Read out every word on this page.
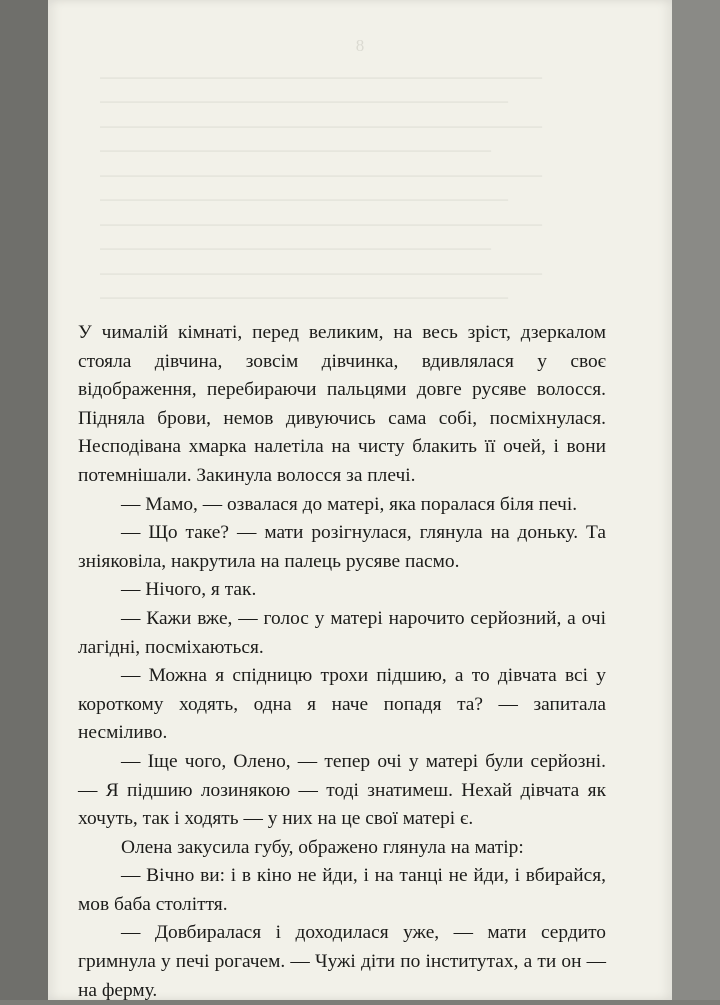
8
——————————————————————————
————————————————————————
——————————————————————————
———————————————————————
——————————————————————————
————————————————————————
——————————————————————————
———————————————————————
——————————————————————————
————————————————————————

У чималій кімнаті, перед великим, на весь зріст, дзеркалом стояла дівчина, зовсім дівчинка, вдивлялася у своє відображення, перебираючи пальцями довге русяве волосся. Підняла брови, немов дивуючись сама собі, посміхнулася. Несподівана хмарка налетіла на чисту блакить її очей, і вони потемнішали. Закинула волосся за плечі.

— Мамо, — озвалася до матері, яка поралася біля печі.

— Що таке? — мати розігнулася, глянула на доньку. Та зніяковіла, накрутила на палець русяве пасмо.

— Нічого, я так.

— Кажи вже, — голос у матері нарочито серйозний, а очі лагідні, посміхаються.

— Можна я спідницю трохи підшию, а то дівчата всі у короткому ходять, одна я наче попадя та? — запитала несміливо.

— Іще чого, Олено, — тепер очі у матері були серйозні. — Я підшию лозинякою — тоді знатимеш. Нехай дівчата як хочуть, так і ходять — у них на це свої матері є.

Олена закусила губу, ображено глянула на матір:

— Вічно ви: і в кіно не йди, і на танці не йди, і вбирайся, мов баба століття.

— Довбиралася і доходилася уже, — мати сердито гримнула у печі рогачем. — Чужі діти по інститутах, а ти он — на ферму.
